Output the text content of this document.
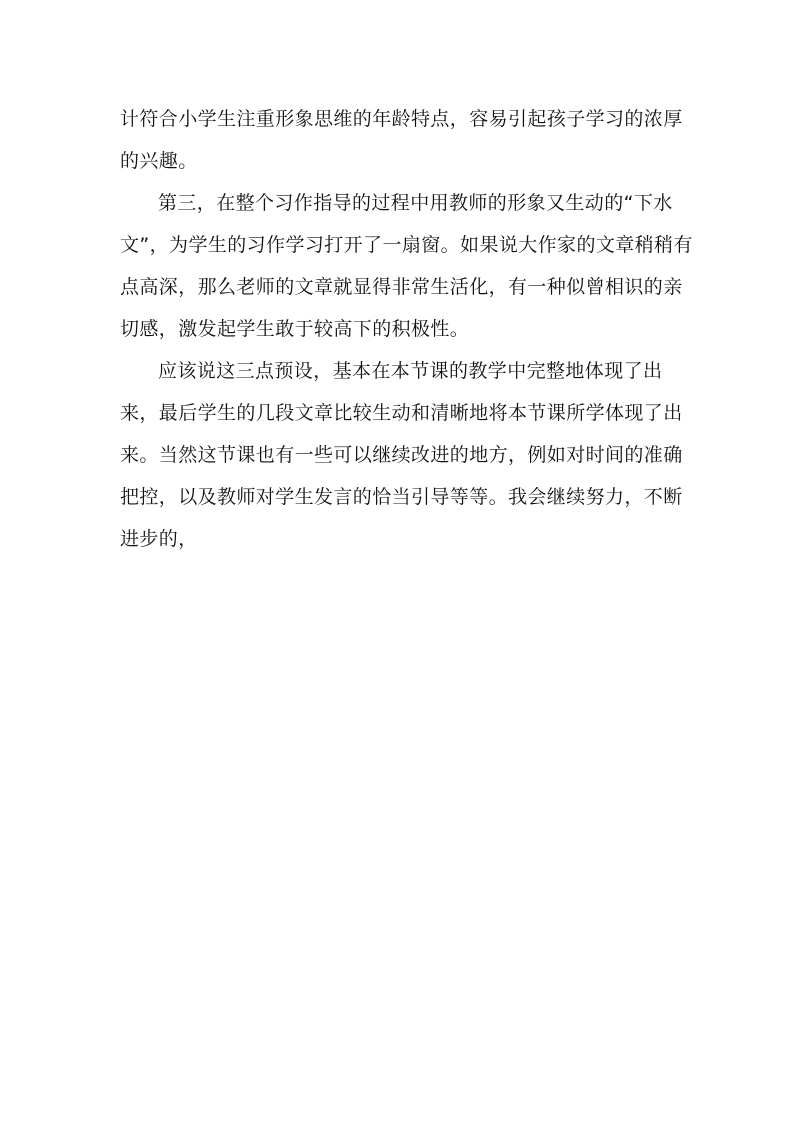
计符合小学生注重形象思维的年龄特点，容易引起孩子学习的浓厚
的兴趣。
第三，在整个习作指导的过程中用教师的形象又生动的“下水
文”，为学生的习作学习打开了一扇窗。如果说大作家的文章稍稍有
点高深，那么老师的文章就显得非常生活化，有一种似曾相识的亲
切感，激发起学生敢于较高下的积极性。
应该说这三点预设，基本在本节课的教学中完整地体现了出
来，最后学生的几段文章比较生动和清晰地将本节课所学体现了出
来。当然这节课也有一些可以继续改进的地方，例如对时间的准确
把控，以及教师对学生发言的恰当引导等等。我会继续努力，不断
进步的，
